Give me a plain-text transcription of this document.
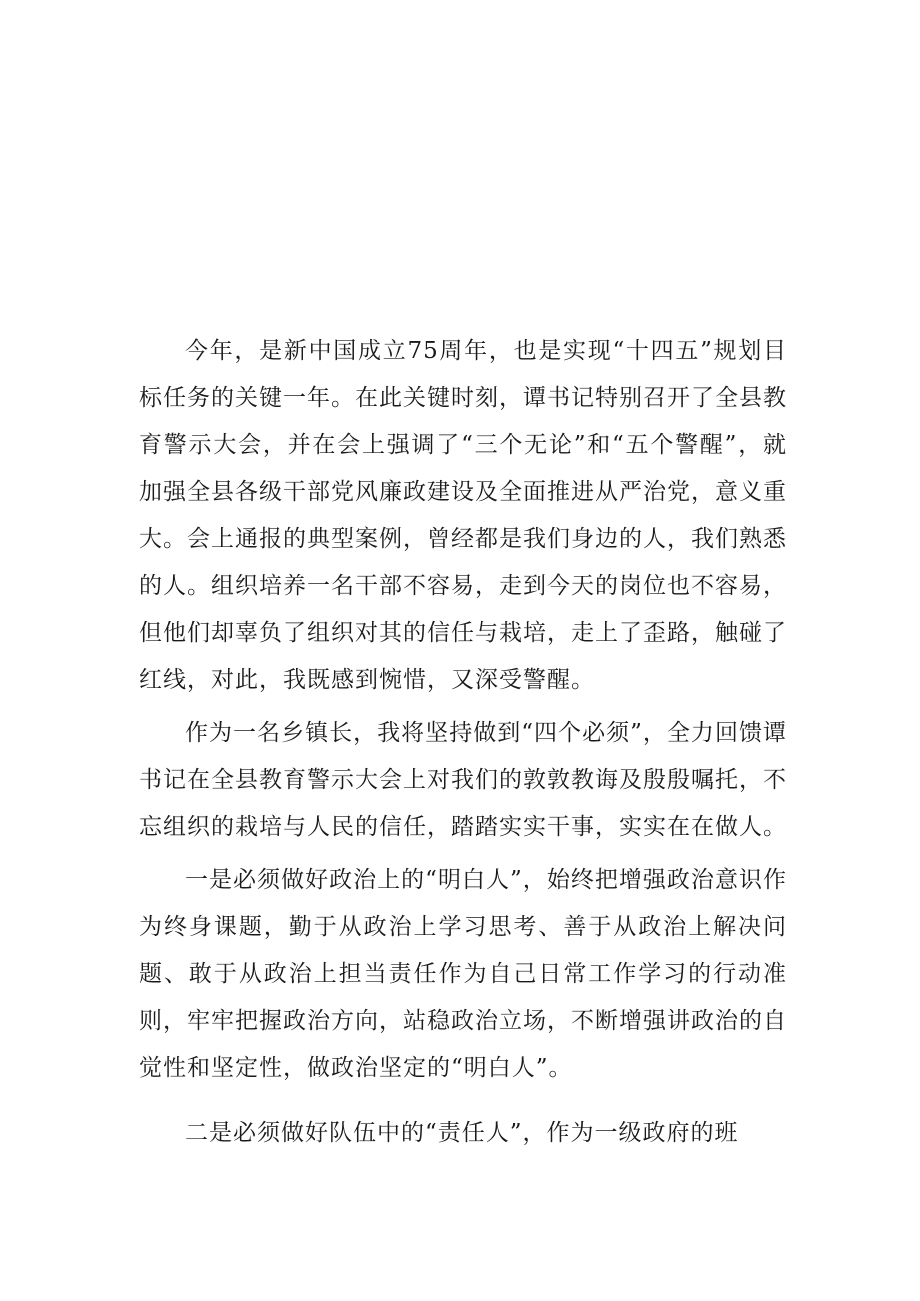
今年，是新中国成立75周年，也是实现“十四五”规划目标任务的关键一年。在此关键时刻，谭书记特别召开了全县教育警示大会，并在会上强调了“三个无论”和“五个警醒”，就加强全县各级干部党风廉政建设及全面推进从严治党，意义重大。会上通报的典型案例，曾经都是我们身边的人，我们熟悉的人。组织培养一名干部不容易，走到今天的岗位也不容易，但他们却辜负了组织对其的信任与栽培，走上了歪路，触碰了红线，对此，我既感到惋惜，又深受警醒。

作为一名乡镇长，我将坚持做到“四个必须”，全力回馈谭书记在全县教育警示大会上对我们的敦敦教诲及殷殷嘱托，不忘组织的栽培与人民的信任，踏踏实实干事，实实在在做人。

一是必须做好政治上的“明白人”，始终把增强政治意识作为终身课题，勤于从政治上学习思考、善于从政治上解决问题、敢于从政治上担当责任作为自己日常工作学习的行动准则，牢牢把握政治方向，站稳政治立场，不断增强讲政治的自觉性和坚定性，做政治坚定的“明白人”。

二是必须做好队伍中的“责任人”，作为一级政府的班
